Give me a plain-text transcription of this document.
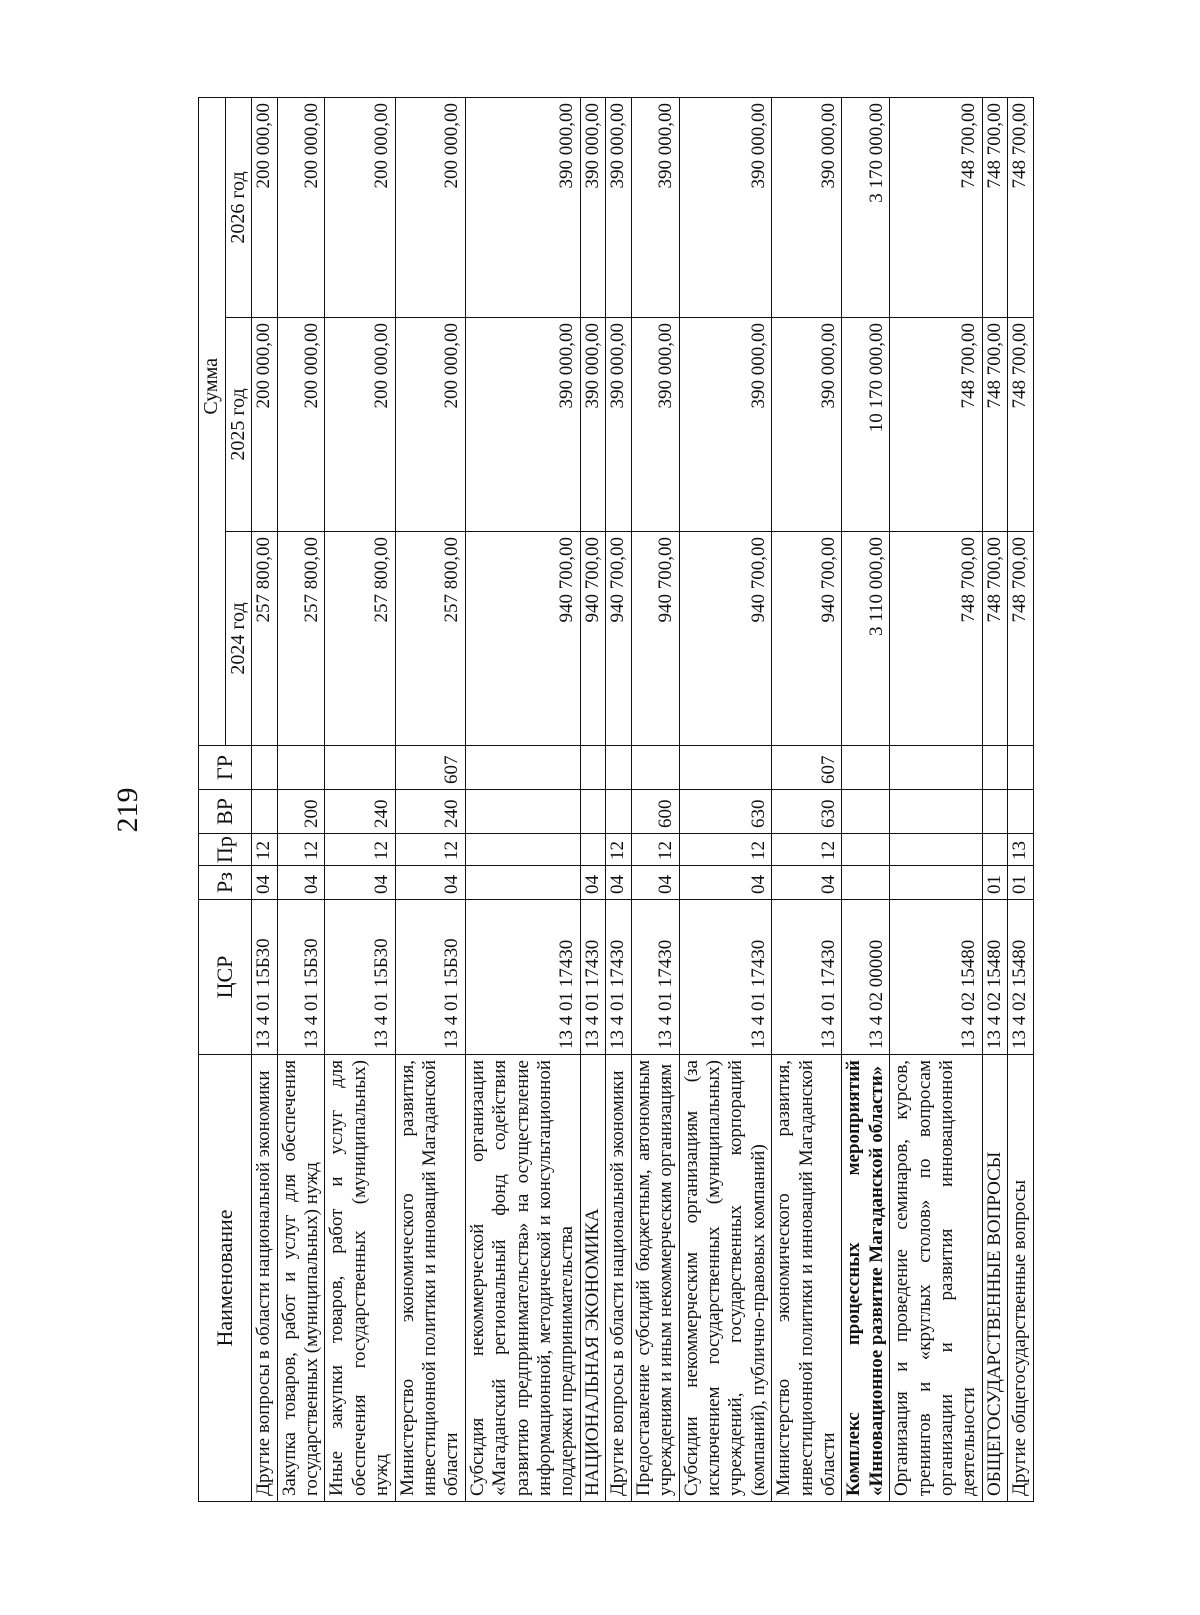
219
Наименование	ЦСР	Рз	Пр	ВР	ГР	Сумма		
						2024 год	2025 год	2026 год
Другие вопросы в области национальной экономики	13 4 01 15Б30	04	12			257 800,00	200 000,00	200 000,00
Закупка товаров, работ и услуг для обеспечения государственных (муниципальных) нужд	13 4 01 15Б30	04	12	200		257 800,00	200 000,00	200 000,00
Иные закупки товаров, работ и услуг для обеспечения государственных (муниципальных) нужд	13 4 01 15Б30	04	12	240		257 800,00	200 000,00	200 000,00
Министерство экономического развития, инвестиционной политики и инноваций Магаданской области	13 4 01 15Б30	04	12	240	607	257 800,00	200 000,00	200 000,00
Субсидия некоммерческой организации «Магаданский региональный фонд содействия развитию предпринимательства» на осуществление информационной, методической и консультационной поддержки предпринимательства	13 4 01 17430					940 700,00	390 000,00	390 000,00
НАЦИОНАЛЬНАЯ ЭКОНОМИКА	13 4 01 17430	04				940 700,00	390 000,00	390 000,00
Другие вопросы в области национальной экономики	13 4 01 17430	04	12			940 700,00	390 000,00	390 000,00
Предоставление субсидий бюджетным, автономным учреждениям и иным некоммерческим организациям	13 4 01 17430	04	12	600		940 700,00	390 000,00	390 000,00
Субсидии некоммерческим организациям (за исключением государственных (муниципальных) учреждений, государственных корпораций (компаний), публично-правовых компаний)	13 4 01 17430	04	12	630		940 700,00	390 000,00	390 000,00
Министерство экономического развития, инвестиционной политики и инноваций Магаданской области	13 4 01 17430	04	12	630	607	940 700,00	390 000,00	390 000,00
Комплекс процессных мероприятий «Инновационное развитие Магаданской области»	13 4 02 00000					3 110 000,00	10 170 000,00	3 170 000,00
Организация и проведение семинаров, курсов, тренингов и «круглых столов» по вопросам организации и развития инновационной деятельности	13 4 02 15480					748 700,00	748 700,00	748 700,00
ОБЩЕГОСУДАРСТВЕННЫЕ ВОПРОСЫ	13 4 02 15480	01				748 700,00	748 700,00	748 700,00
Другие общегосударственные вопросы	13 4 02 15480	01	13			748 700,00	748 700,00	748 700,00
